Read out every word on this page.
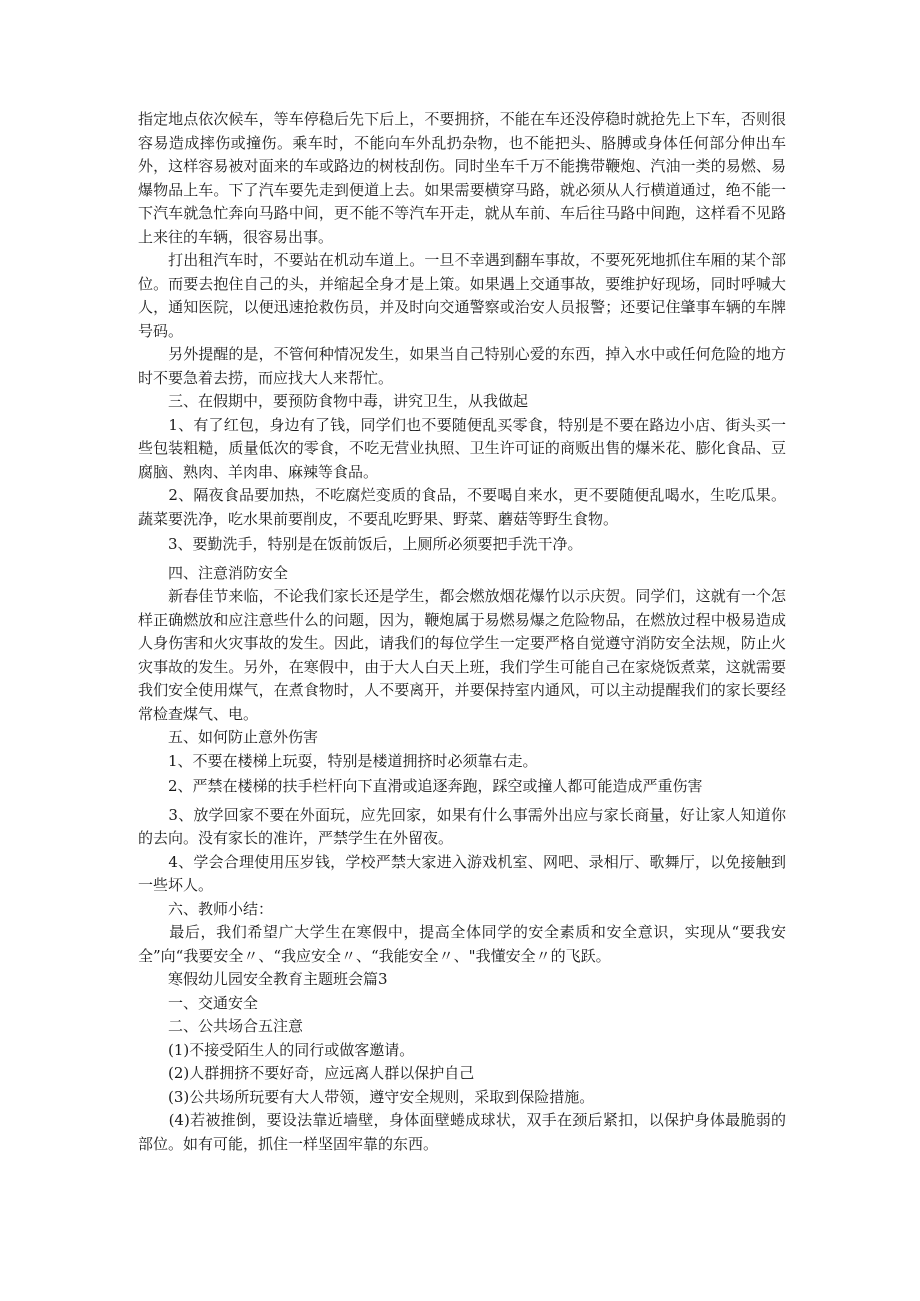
指定地点依次候车，等车停稳后先下后上，不要拥挤，不能在车还没停稳时就抢先上下车，否则很容易造成摔伤或撞伤。乘车时，不能向车外乱扔杂物，也不能把头、胳膊或身体任何部分伸出车外，这样容易被对面来的车或路边的树枝刮伤。同时坐车千万不能携带鞭炮、汽油一类的易燃、易爆物品上车。下了汽车要先走到便道上去。如果需要横穿马路，就必须从人行横道通过，绝不能一下汽车就急忙奔向马路中间，更不能不等汽车开走，就从车前、车后往马路中间跑，这样看不见路上来往的车辆，很容易出事。

　　打出租汽车时，不要站在机动车道上。一旦不幸遇到翻车事故，不要死死地抓住车厢的某个部位。而要去抱住自己的头，并缩起全身才是上策。如果遇上交通事故，要维护好现场，同时呼喊大人，通知医院，以便迅速抢救伤员，并及时向交通警察或治安人员报警；还要记住肇事车辆的车牌号码。

　　另外提醒的是，不管何种情况发生，如果当自己特别心爱的东西，掉入水中或任何危险的地方时不要急着去捞，而应找大人来帮忙。

　　三、在假期中，要预防食物中毒，讲究卫生，从我做起

　　1、有了红包，身边有了钱，同学们也不要随便乱买零食，特别是不要在路边小店、街头买一些包装粗糙，质量低次的零食，不吃无营业执照、卫生许可证的商贩出售的爆米花、膨化食品、豆腐脑、熟肉、羊肉串、麻辣等食品。

　　2、隔夜食品要加热，不吃腐烂变质的食品，不要喝自来水，更不要随便乱喝水，生吃瓜果。蔬菜要洗净，吃水果前要削皮，不要乱吃野果、野菜、蘑菇等野生食物。

　　3、要勤洗手，特别是在饭前饭后，上厕所必须要把手洗干净。

　　四、注意消防安全

　　新春佳节来临，不论我们家长还是学生，都会燃放烟花爆竹以示庆贺。同学们，这就有一个怎样正确燃放和应注意些什么的问题，因为，鞭炮属于易燃易爆之危险物品，在燃放过程中极易造成人身伤害和火灾事故的发生。因此，请我们的每位学生一定要严格自觉遵守消防安全法规，防止火灾事故的发生。另外，在寒假中，由于大人白天上班，我们学生可能自己在家烧饭煮菜，这就需要我们安全使用煤气，在煮食物时，人不要离开，并要保持室内通风，可以主动提醒我们的家长要经常检查煤气、电。

　　五、如何防止意外伤害

　　1、不要在楼梯上玩耍，特别是楼道拥挤时必须靠右走。

　　2、严禁在楼梯的扶手栏杆向下直滑或追逐奔跑，踩空或撞人都可能造成严重伤害

　　3、放学回家不要在外面玩，应先回家，如果有什么事需外出应与家长商量，好让家人知道你的去向。没有家长的准许，严禁学生在外留夜。

　　4、学会合理使用压岁钱，学校严禁大家进入游戏机室、网吧、录相厅、歌舞厅，以免接触到一些坏人。

　　六、教师小结：

　　最后，我们希望广大学生在寒假中，提高全体同学的安全素质和安全意识，实现从“要我安全”向“我要安全〃、“我应安全〃、“我能安全〃、"我懂安全〃的飞跃。

　　寒假幼儿园安全教育主题班会篇3

　　一、交通安全

　　二、公共场合五注意

　　(1)不接受陌生人的同行或做客邀请。

　　(2)人群拥挤不要好奇，应远离人群以保护自己

　　(3)公共场所玩要有大人带领，遵守安全规则，采取到保险措施。

　　(4)若被推倒，要设法靠近墙壁，身体面壁蜷成球状，双手在颈后紧扣，以保护身体最脆弱的部位。如有可能，抓住一样坚固牢靠的东西。
